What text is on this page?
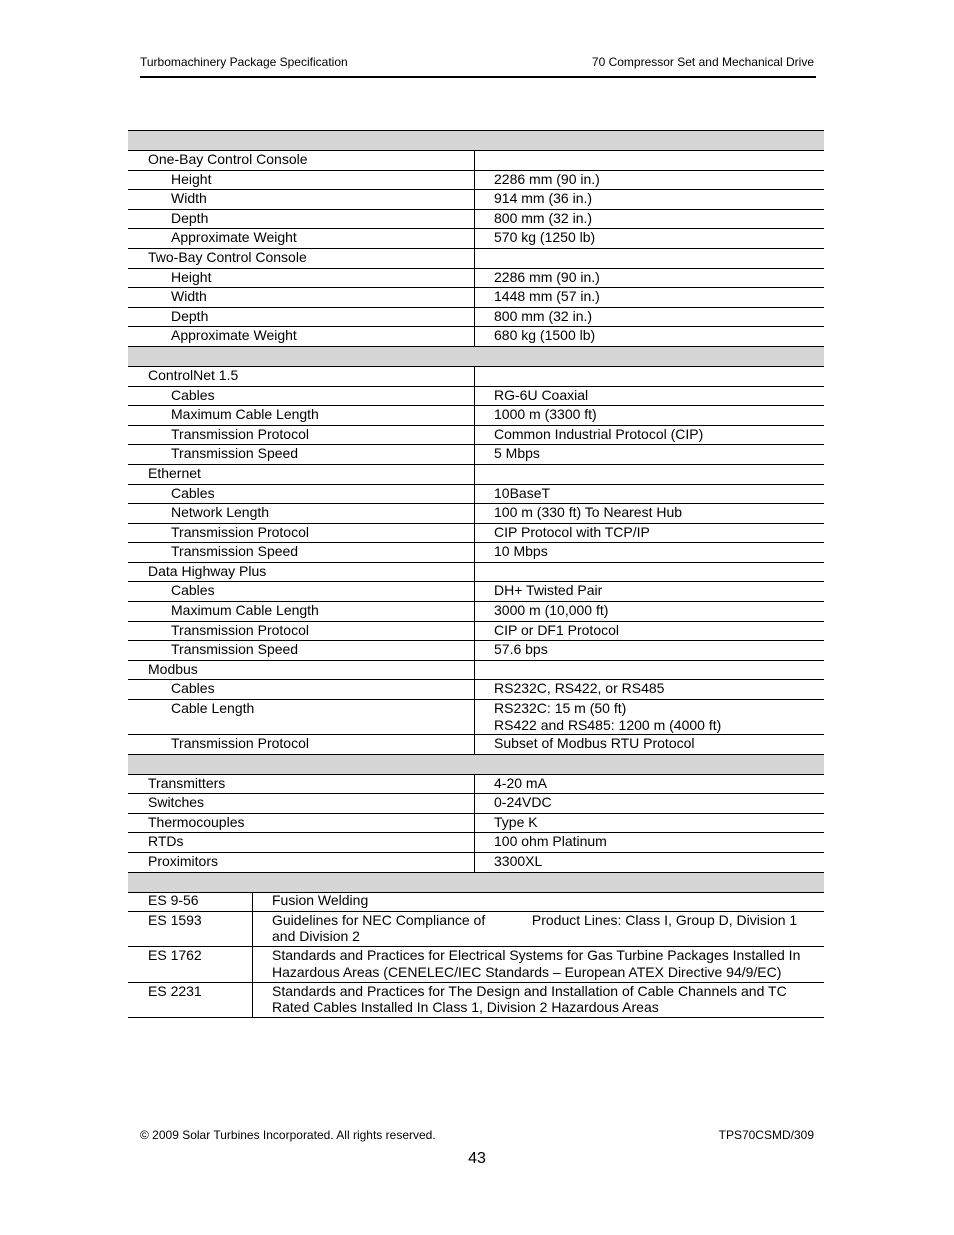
Turbomachinery Package Specification	70 Compressor Set and Mechanical Drive

One-Bay Control Console	

Height	2286 mm (90 in.)

Width	914 mm (36 in.)

Depth	800 mm (32 in.)

Approximate Weight	570 kg (1250 lb)

Two-Bay Control Console	

Height	2286 mm (90 in.)

Width	1448 mm (57 in.)

Depth	800 mm (32 in.)

Approximate Weight	680 kg (1500 lb)

ControlNet 1.5	

Cables	RG-6U Coaxial

Maximum Cable Length	1000 m (3300 ft)

Transmission Protocol	Common Industrial Protocol (CIP)

Transmission Speed	5 Mbps

Ethernet	

Cables	10BaseT

Network Length	100 m (330 ft) To Nearest Hub

Transmission Protocol	CIP Protocol with TCP/IP

Transmission Speed	10 Mbps

Data Highway Plus	

Cables	DH+ Twisted Pair

Maximum Cable Length	3000 m (10,000 ft)

Transmission Protocol	CIP or DF1 Protocol

Transmission Speed	57.6 bps

Modbus	

Cables	RS232C, RS422, or RS485

Cable Length	RS232C: 15 m (50 ft)
RS422 and RS485: 1200 m (4000 ft)

Transmission Protocol	Subset of Modbus RTU Protocol

Transmitters	4-20 mA

Switches	0-24VDC

Thermocouples	Type K

RTDs	100 ohm Platinum

Proximitors	3300XL

ES 9-56	Fusion Welding
ES 1593	Guidelines for NEC Compliance of            Product Lines: Class I, Group D, Division 1 and Division 2
ES 1762	Standards and Practices for Electrical Systems for Gas Turbine Packages Installed In Hazardous Areas (CENELEC/IEC Standards – European ATEX Directive 94/9/EC)
ES 2231	Standards and Practices for The Design and Installation of Cable Channels and TC Rated Cables Installed In Class 1, Division 2 Hazardous Areas
© 2009 Solar Turbines Incorporated. All rights reserved.	TPS70CSMD/309
43
